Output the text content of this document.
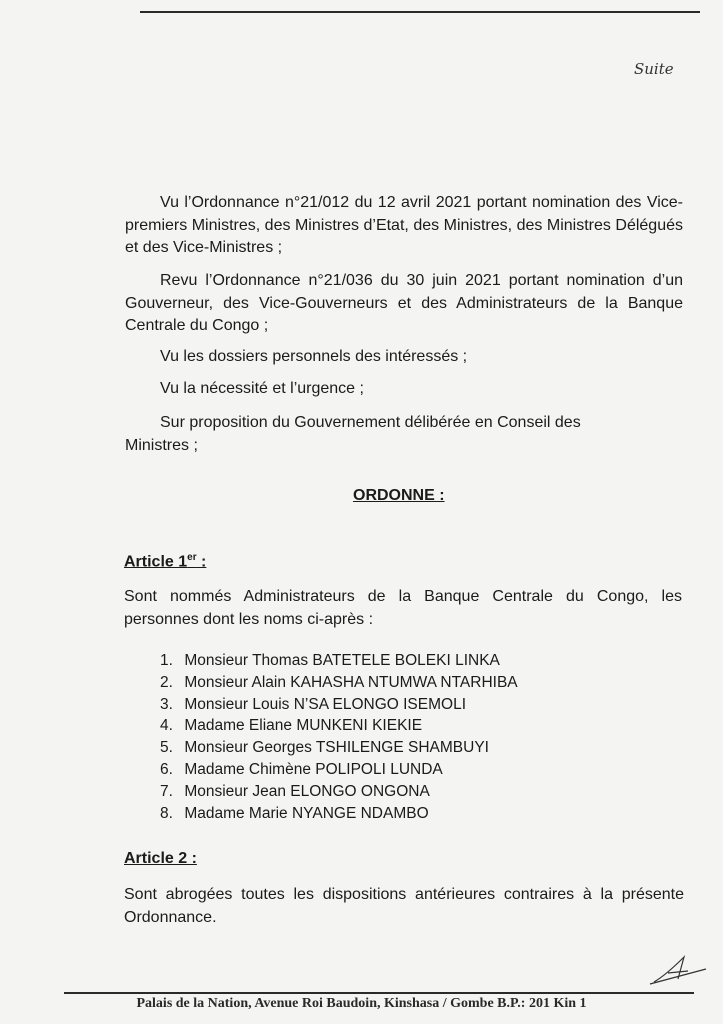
Suite

Vu l’Ordonnance n°21/012 du 12 avril 2021 portant nomination des Vice-premiers Ministres, des Ministres d’Etat, des Ministres, des Ministres Délégués et des Vice-Ministres ;

Revu l’Ordonnance n°21/036 du 30 juin 2021 portant nomination d’un Gouverneur, des Vice-Gouverneurs et des Administrateurs de la Banque Centrale du Congo ;

Vu les dossiers personnels des intéressés ;

Vu la nécessité et l’urgence ;

Sur proposition du Gouvernement délibérée en Conseil des Ministres ;

ORDONNE :
Article 1er :

Sont nommés Administrateurs de la Banque Centrale du Congo, les personnes dont les noms ci-après :

1. Monsieur Thomas BATETELE BOLEKI LINKA
2. Monsieur Alain KAHASHA NTUMWA NTARHIBA
3. Monsieur Louis N’SA ELONGO ISEMOLI
4. Madame Eliane MUNKENI KIEKIE
5. Monsieur Georges TSHILENGE SHAMBUYI
6. Madame Chimène POLIPOLI LUNDA
7. Monsieur Jean ELONGO ONGONA
8. Madame Marie NYANGE NDAMBO
Article 2 :

Sont abrogées toutes les dispositions antérieures contraires à la présente Ordonnance.

Palais de la Nation, Avenue Roi Baudoin, Kinshasa / Gombe B.P.: 201 Kin 1
